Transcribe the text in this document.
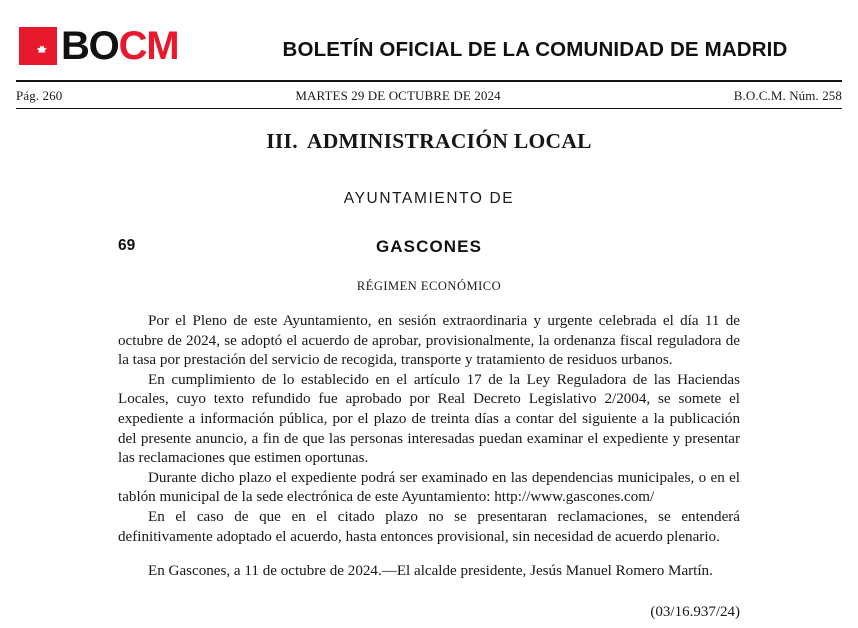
BOCM	BOLETÍN OFICIAL DE LA COMUNIDAD DE MADRID
Pág. 260	MARTES 29 DE OCTUBRE DE 2024	B.O.C.M. Núm. 258
III. ADMINISTRACIÓN LOCAL
AYUNTAMIENTO DE
69	GASCONES
RÉGIMEN ECONÓMICO

Por el Pleno de este Ayuntamiento, en sesión extraordinaria y urgente celebrada el día 11 de octubre de 2024, se adoptó el acuerdo de aprobar, provisionalmente, la ordenanza fiscal reguladora de la tasa por prestación del servicio de recogida, transporte y tratamiento de residuos urbanos.

En cumplimiento de lo establecido en el artículo 17 de la Ley Reguladora de las Haciendas Locales, cuyo texto refundido fue aprobado por Real Decreto Legislativo 2/2004, se somete el expediente a información pública, por el plazo de treinta días a contar del siguiente a la publicación del presente anuncio, a fin de que las personas interesadas puedan examinar el expediente y presentar las reclamaciones que estimen oportunas.

Durante dicho plazo el expediente podrá ser examinado en las dependencias municipales, o en el tablón municipal de la sede electrónica de este Ayuntamiento: http://www.gascones.com/

En el caso de que en el citado plazo no se presentaran reclamaciones, se entenderá definitivamente adoptado el acuerdo, hasta entonces provisional, sin necesidad de acuerdo plenario.

En Gascones, a 11 de octubre de 2024.—El alcalde presidente, Jesús Manuel Romero Martín.

(03/16.937/24)
